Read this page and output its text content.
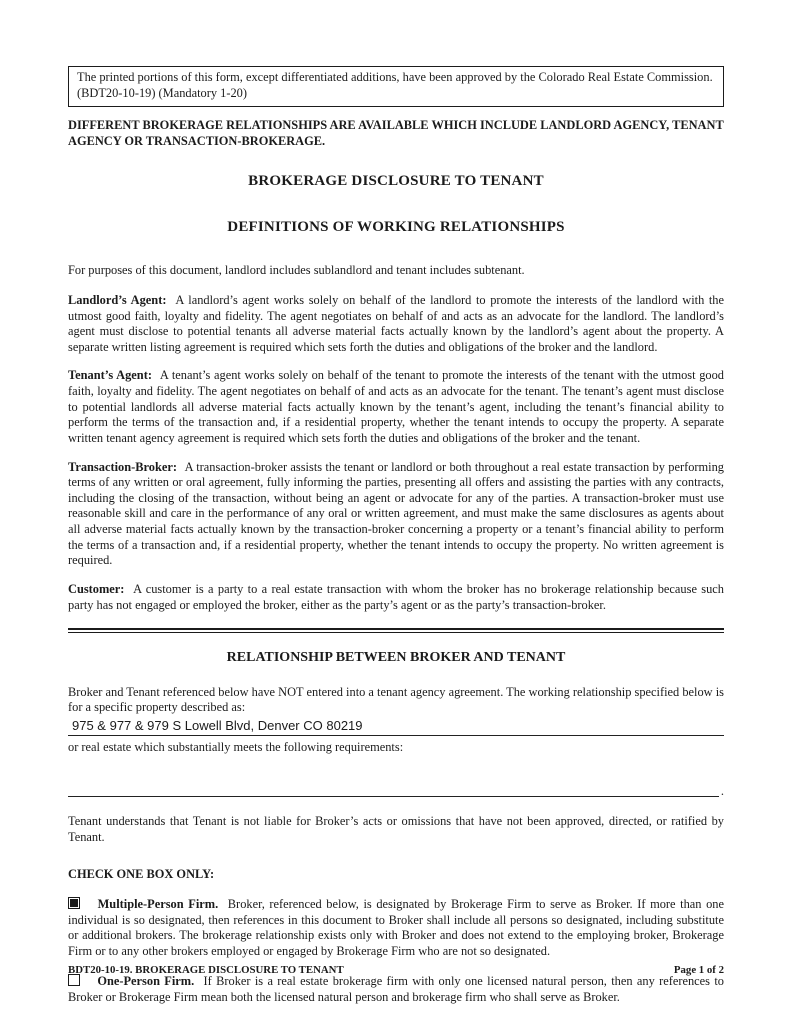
The printed portions of this form, except differentiated additions, have been approved by the Colorado Real Estate Commission. (BDT20-10-19) (Mandatory 1-20)

DIFFERENT BROKERAGE RELATIONSHIPS ARE AVAILABLE WHICH INCLUDE LANDLORD AGENCY, TENANT AGENCY OR TRANSACTION-BROKERAGE.

BROKERAGE DISCLOSURE TO TENANT
DEFINITIONS OF WORKING RELATIONSHIPS

For purposes of this document, landlord includes sublandlord and tenant includes subtenant.

Landlord’s Agent: A landlord’s agent works solely on behalf of the landlord to promote the interests of the landlord with the utmost good faith, loyalty and fidelity. The agent negotiates on behalf of and acts as an advocate for the landlord. The landlord’s agent must disclose to potential tenants all adverse material facts actually known by the landlord’s agent about the property. A separate written listing agreement is required which sets forth the duties and obligations of the broker and the landlord.

Tenant’s Agent: A tenant’s agent works solely on behalf of the tenant to promote the interests of the tenant with the utmost good faith, loyalty and fidelity. The agent negotiates on behalf of and acts as an advocate for the tenant. The tenant’s agent must disclose to potential landlords all adverse material facts actually known by the tenant’s agent, including the tenant’s financial ability to perform the terms of the transaction and, if a residential property, whether the tenant intends to occupy the property. A separate written tenant agency agreement is required which sets forth the duties and obligations of the broker and the tenant.

Transaction-Broker: A transaction-broker assists the tenant or landlord or both throughout a real estate transaction by performing terms of any written or oral agreement, fully informing the parties, presenting all offers and assisting the parties with any contracts, including the closing of the transaction, without being an agent or advocate for any of the parties. A transaction-broker must use reasonable skill and care in the performance of any oral or written agreement, and must make the same disclosures as agents about all adverse material facts actually known by the transaction-broker concerning a property or a tenant’s financial ability to perform the terms of a transaction and, if a residential property, whether the tenant intends to occupy the property. No written agreement is required.

Customer: A customer is a party to a real estate transaction with whom the broker has no brokerage relationship because such party has not engaged or employed the broker, either as the party’s agent or as the party’s transaction-broker.

RELATIONSHIP BETWEEN BROKER AND TENANT

Broker and Tenant referenced below have NOT entered into a tenant agency agreement. The working relationship specified below is for a specific property described as:

975 & 977 & 979 S Lowell Blvd, Denver CO 80219

or real estate which substantially meets the following requirements:

.

Tenant understands that Tenant is not liable for Broker’s acts or omissions that have not been approved, directed, or ratified by Tenant.

CHECK ONE BOX ONLY:

Multiple-Person Firm. Broker, referenced below, is designated by Brokerage Firm to serve as Broker. If more than one individual is so designated, then references in this document to Broker shall include all persons so designated, including substitute or additional brokers. The brokerage relationship exists only with Broker and does not extend to the employing broker, Brokerage Firm or to any other brokers employed or engaged by Brokerage Firm who are not so designated.

One-Person Firm. If Broker is a real estate brokerage firm with only one licensed natural person, then any references to Broker or Brokerage Firm mean both the licensed natural person and brokerage firm who shall serve as Broker.

BDT20-10-19. BROKERAGE DISCLOSURE TO TENANT	Page 1 of 2
